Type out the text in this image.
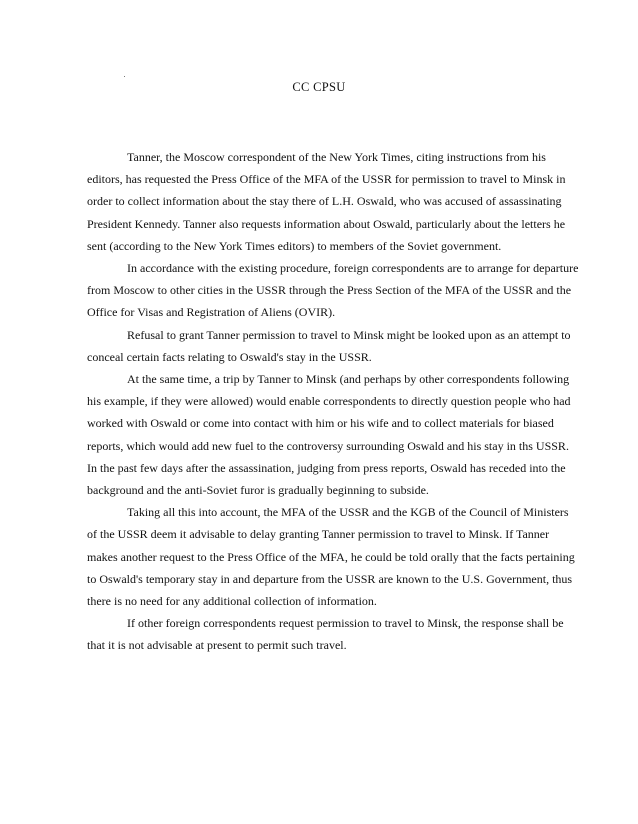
CC CPSU

Tanner, the Moscow correspondent of the New York Times, citing instructions from his editors, has requested the Press Office of the MFA of the USSR for permission to travel to Minsk in order to collect information about the stay there of L.H. Oswald, who was accused of assassinating President Kennedy. Tanner also requests information about Oswald, particularly about the letters he sent (according to the New York Times editors) to members of the Soviet government.

In accordance with the existing procedure, foreign correspondents are to arrange for departure from Moscow to other cities in the USSR through the Press Section of the MFA of the USSR and the Office for Visas and Registration of Aliens (OVIR).

Refusal to grant Tanner permission to travel to Minsk might be looked upon as an attempt to conceal certain facts relating to Oswald's stay in the USSR.

At the same time, a trip by Tanner to Minsk (and perhaps by other correspondents following his example, if they were allowed) would enable correspondents to directly question people who had worked with Oswald or come into contact with him or his wife and to collect materials for biased reports, which would add new fuel to the controversy surrounding Oswald and his stay in ths USSR. In the past few days after the assassination, judging from press reports, Oswald has receded into the background and the anti-Soviet furor is gradually beginning to subside.

Taking all this into account, the MFA of the USSR and the KGB of the Council of Ministers of the USSR deem it advisable to delay granting Tanner permission to travel to Minsk. If Tanner makes another request to the Press Office of the MFA, he could be told orally that the facts pertaining to Oswald's temporary stay in and departure from the USSR are known to the U.S. Government, thus there is no need for any additional collection of information.

If other foreign correspondents request permission to travel to Minsk, the response shall be that it is not advisable at present to permit such travel.
